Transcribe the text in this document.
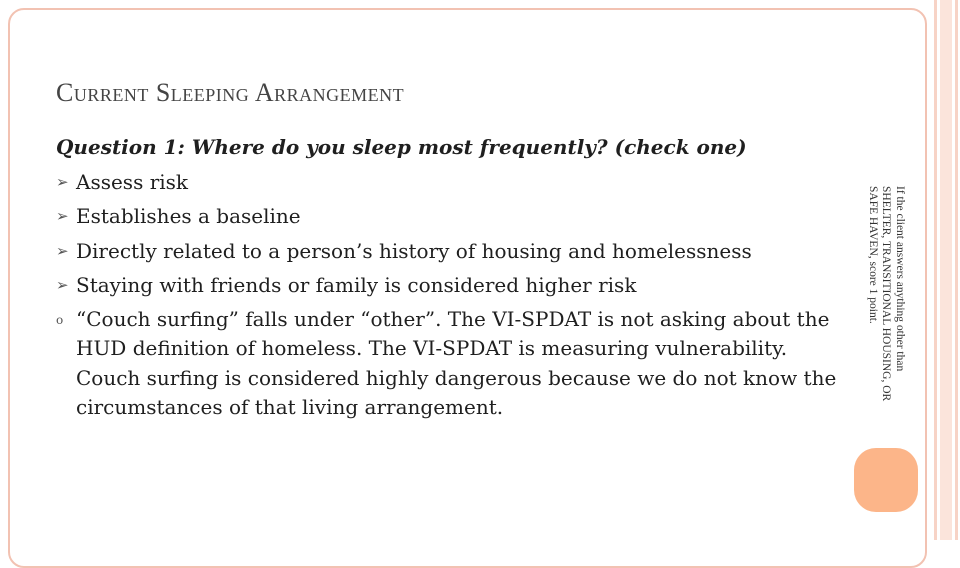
Current Sleeping Arrangement

Question 1: Where do you sleep most frequently? (check one)

➢ Assess risk
➢ Establishes a baseline
➢ Directly related to a person’s history of housing and homelessness
➢ Staying with friends or family is considered higher risk
o “Couch surfing” falls under “other”. The VI-SPDAT is not asking about the HUD definition of homeless. The VI-SPDAT is measuring vulnerability. Couch surfing is considered highly dangerous because we do not know the circumstances of that living arrangement.
If the client answers anything other than SHELTER, TRANSITIONAL HOUSING, OR SAFE HAVEN, score 1 point.
